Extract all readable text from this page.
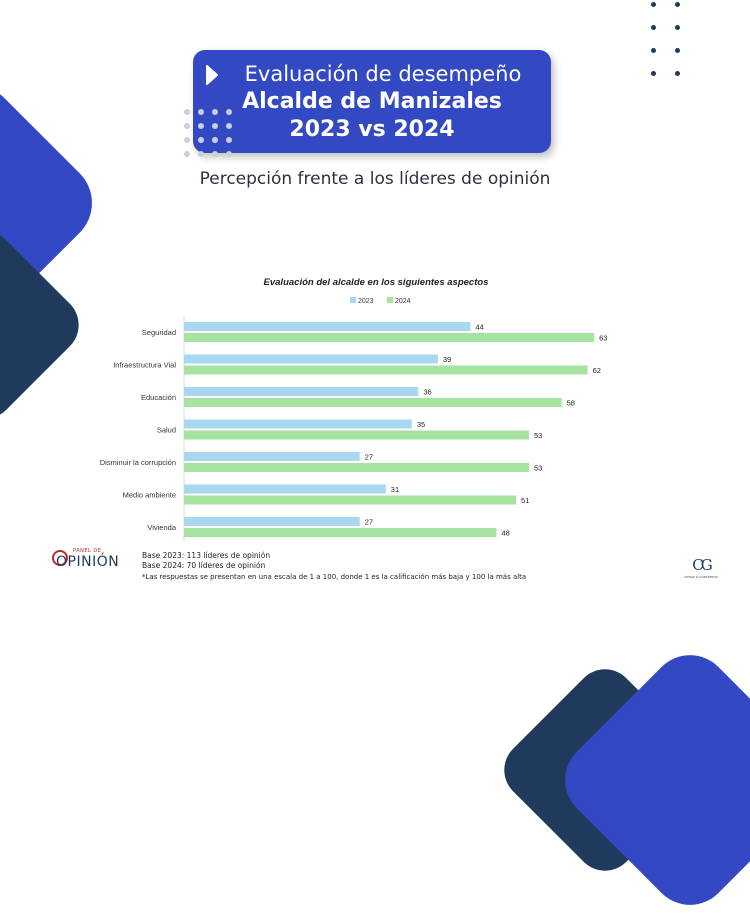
Evaluación de desempeño
Alcalde de Manizales
2023 vs 2024
Percepción frente a los líderes de opinión
Evaluación del alcalde en los siguientes aspectos
2023	2024
Seguridad
44
63
Infraestructura Vial
39
62
Educación
36
58
Salud
35
53
Disminuir la corrupción
27
53
Medio ambiente
31
51
Vivienda
27
48
PANEL DE
OPINIÓN	Base 2023: 113 líderes de opinión
Base 2024: 70 líderes de opinión
*Las respuestas se presentan en una escala de 1 a 100, donde 1 es la calificación más baja y 100 la más alta
CG
CIFRAS & CONCEPTOS
